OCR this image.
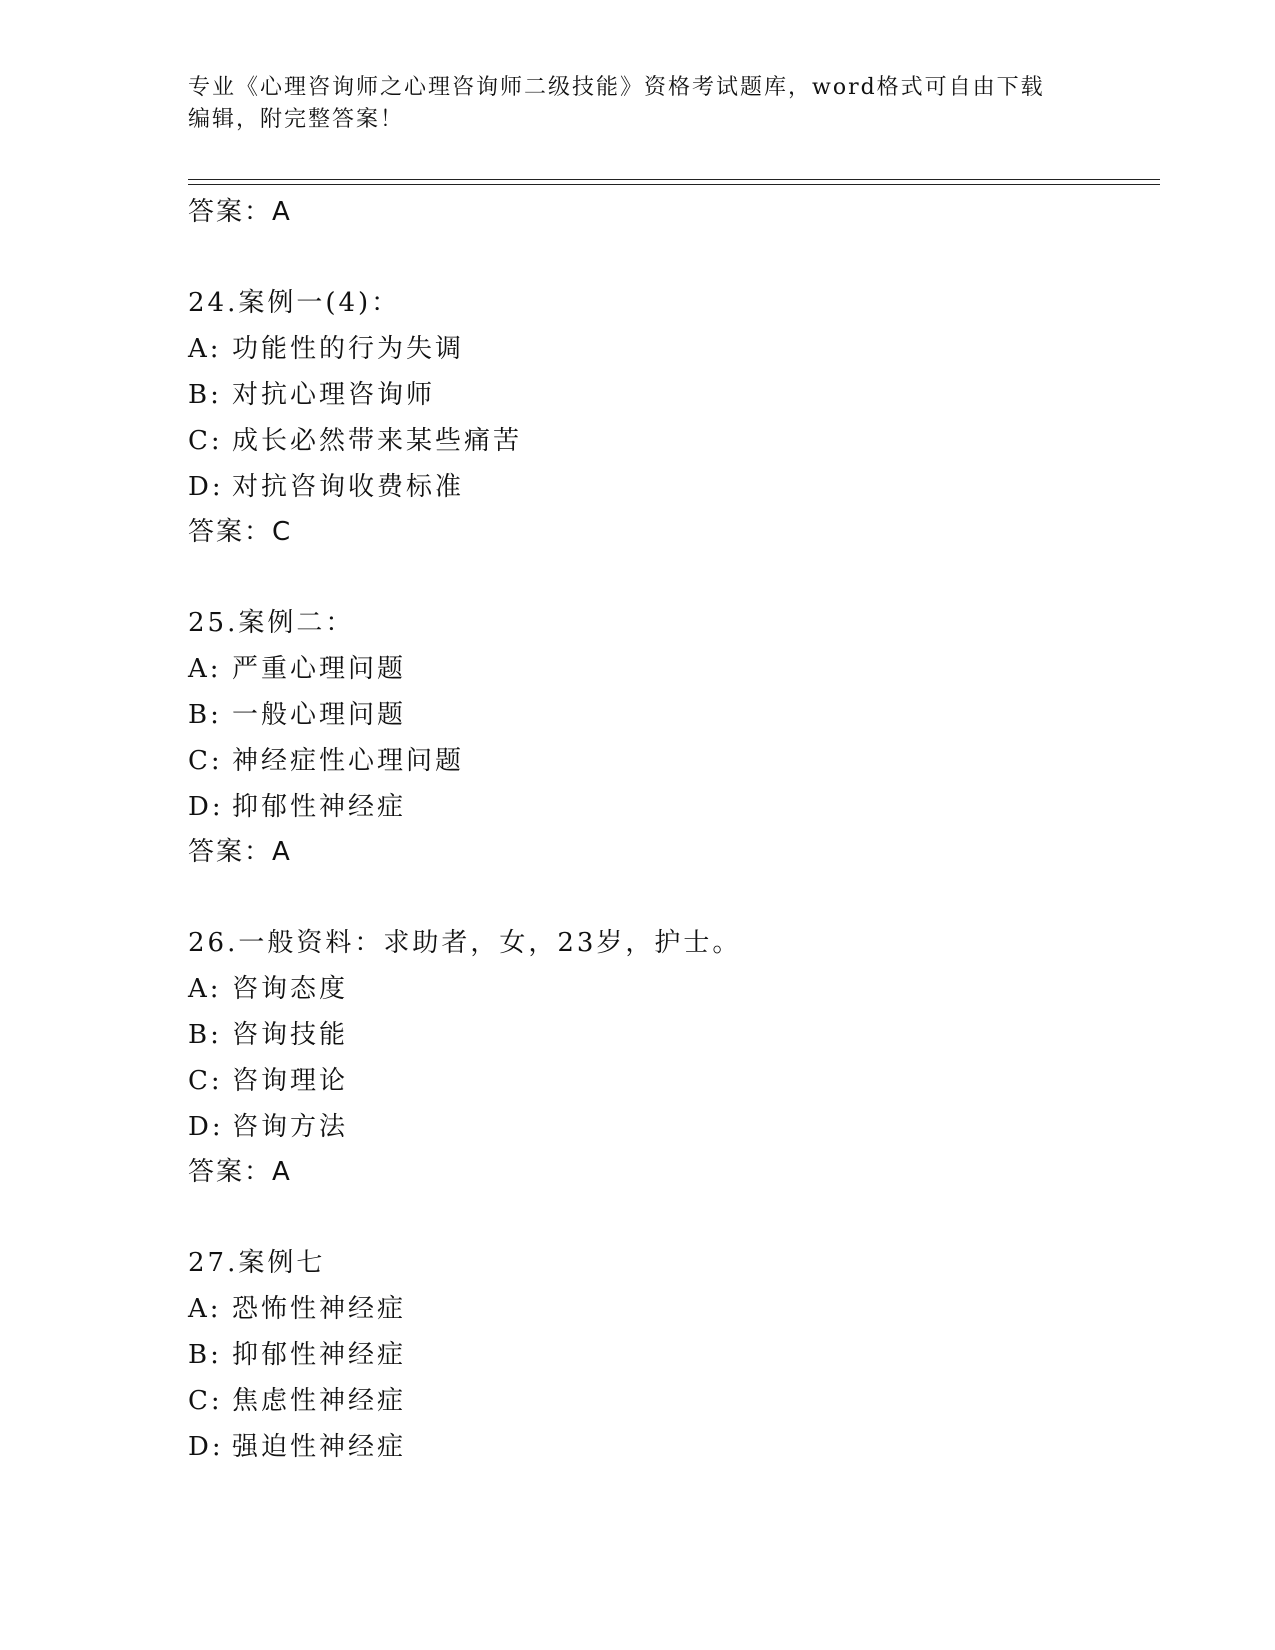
专业《心理咨询师之心理咨询师二级技能》资格考试题库，word格式可自由下载
编辑，附完整答案！
答案：A
24.案例一(4)：
A: 功能性的行为失调
B: 对抗心理咨询师
C: 成长必然带来某些痛苦
D: 对抗咨询收费标准
答案：C
25.案例二：
A: 严重心理问题
B: 一般心理问题
C: 神经症性心理问题
D: 抑郁性神经症
答案：A
26.一般资料：求助者，女，23岁，护士。
A: 咨询态度
B: 咨询技能
C: 咨询理论
D: 咨询方法
答案：A
27.案例七
A: 恐怖性神经症
B: 抑郁性神经症
C: 焦虑性神经症
D: 强迫性神经症
